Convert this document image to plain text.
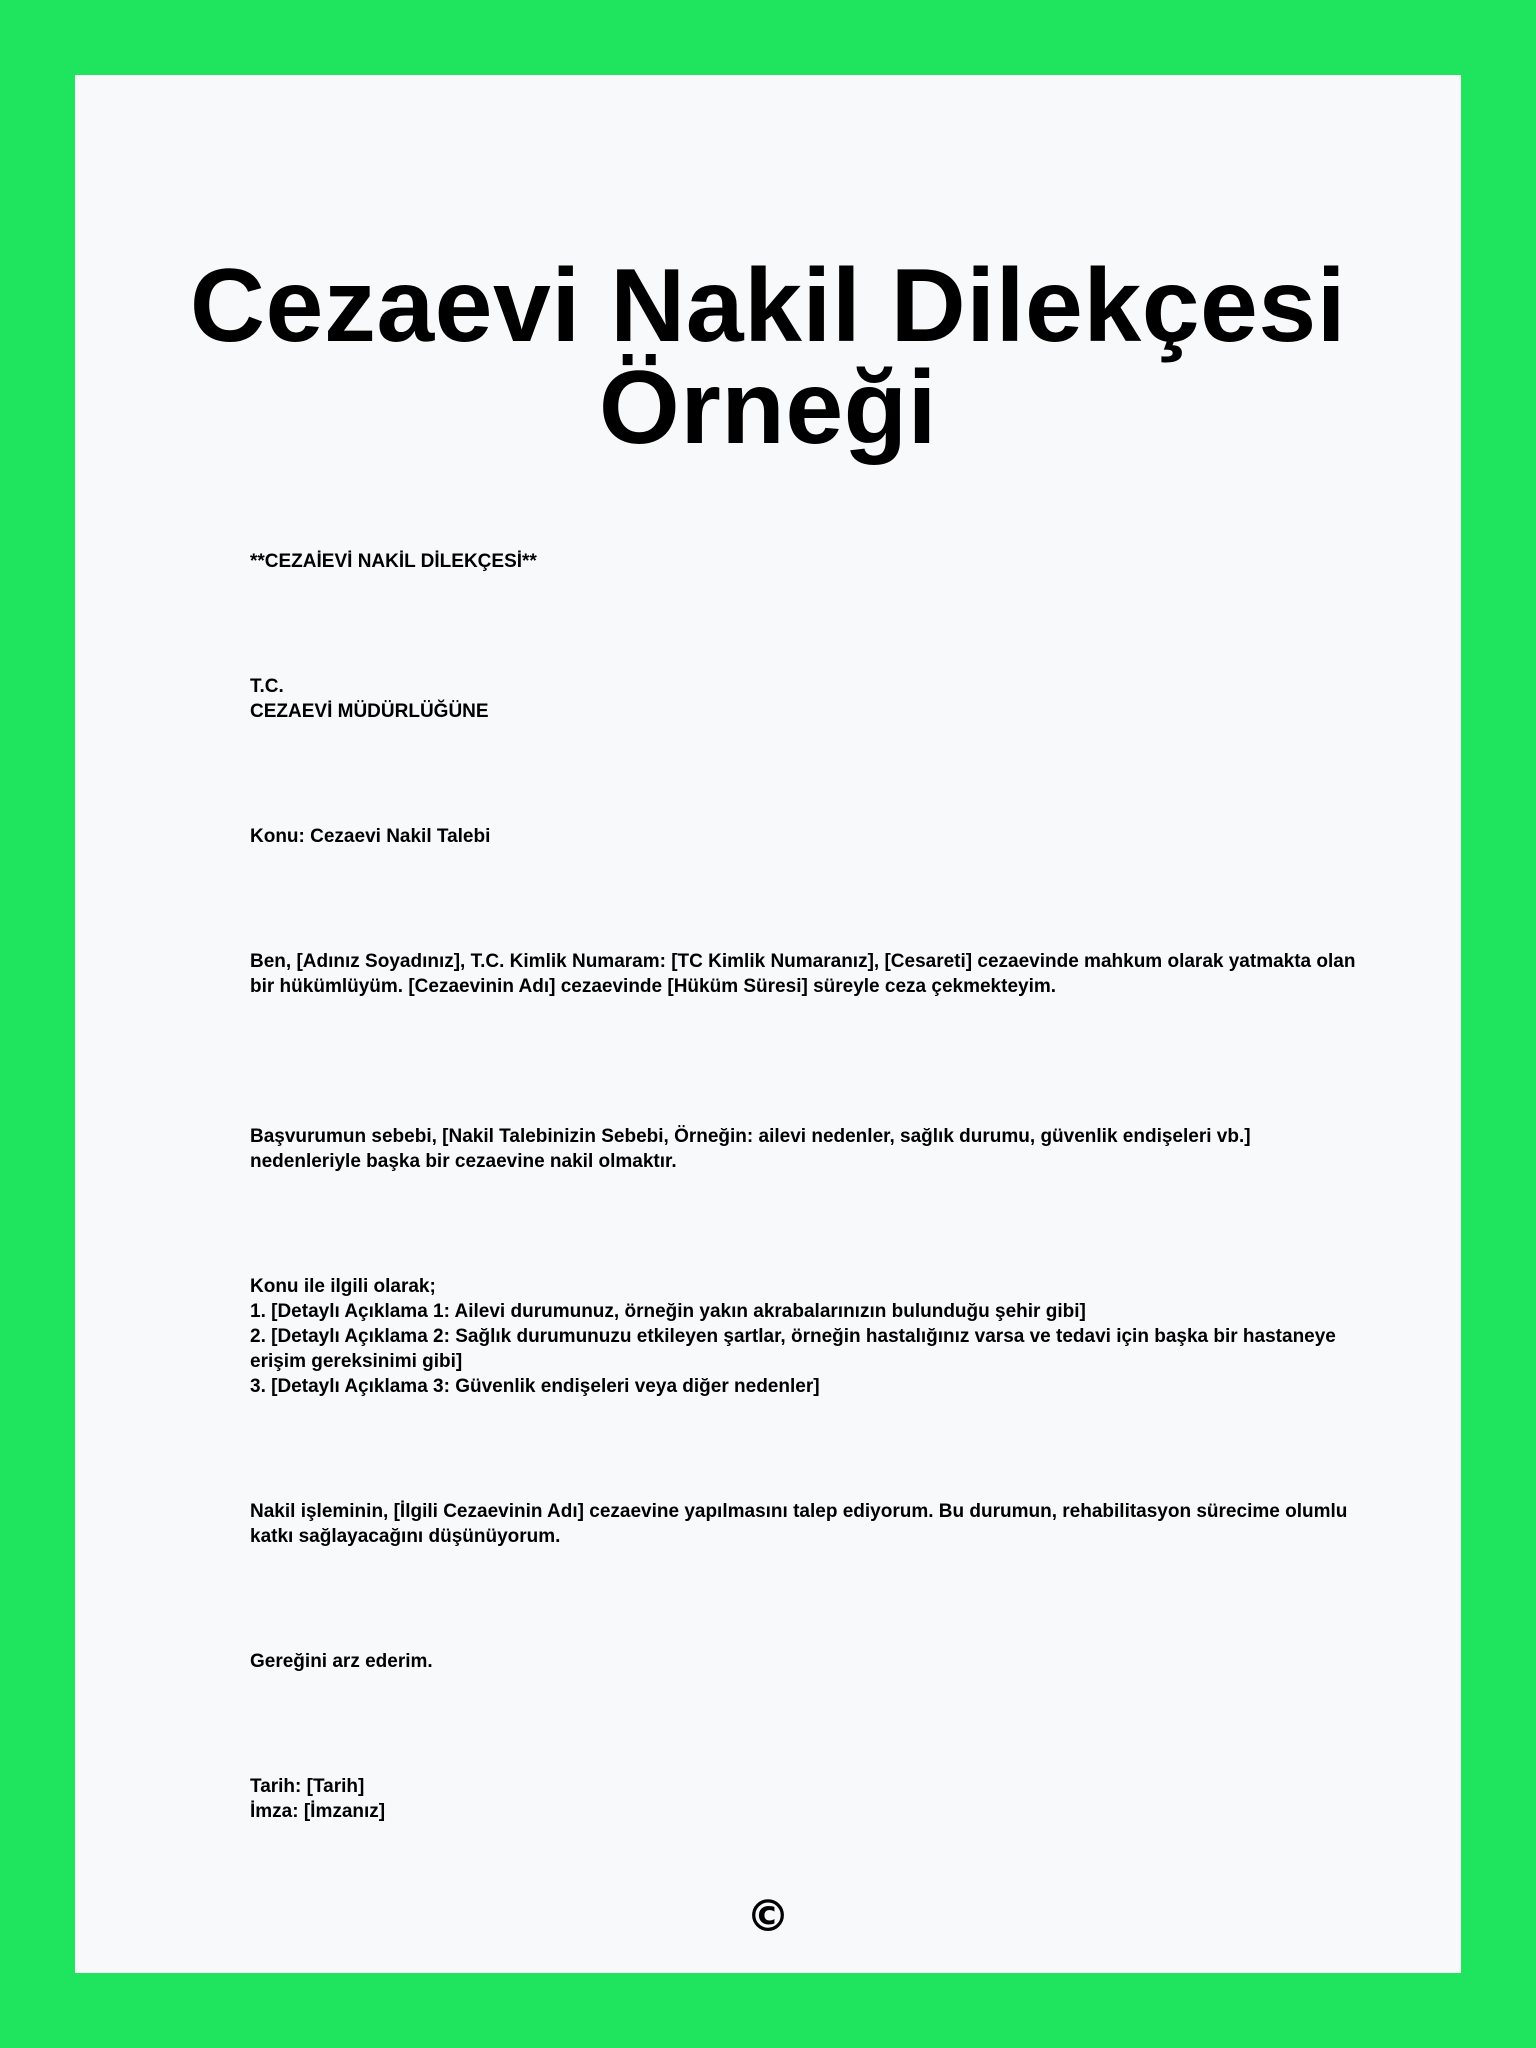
Cezaevi Nakil Dilekçesi
Örneği

**CEZAİEVİ NAKİL DİLEKÇESİ**

T.C.
CEZAEVİ MÜDÜRLÜĞÜNE

Konu: Cezaevi Nakil Talebi

Ben, [Adınız Soyadınız], T.C. Kimlik Numaram: [TC Kimlik Numaranız], [Cesareti] cezaevinde mahkum olarak yatmakta olan bir hükümlüyüm. [Cezaevinin Adı] cezaevinde [Hüküm Süresi] süreyle ceza çekmekteyim.

Başvurumun sebebi, [Nakil Talebinizin Sebebi, Örneğin: ailevi nedenler, sağlık durumu, güvenlik endişeleri vb.] nedenleriyle başka bir cezaevine nakil olmaktır.

Konu ile ilgili olarak;
1. [Detaylı Açıklama 1: Ailevi durumunuz, örneğin yakın akrabalarınızın bulunduğu şehir gibi]
2. [Detaylı Açıklama 2: Sağlık durumunuzu etkileyen şartlar, örneğin hastalığınız varsa ve tedavi için başka bir hastaneye erişim gereksinimi gibi]
3. [Detaylı Açıklama 3: Güvenlik endişeleri veya diğer nedenler]

Nakil işleminin, [İlgili Cezaevinin Adı] cezaevine yapılmasını talep ediyorum. Bu durumun, rehabilitasyon sürecime olumlu katkı sağlayacağını düşünüyorum.

Gereğini arz ederim.

Tarih: [Tarih]
İmza: [İmzanız]
©
